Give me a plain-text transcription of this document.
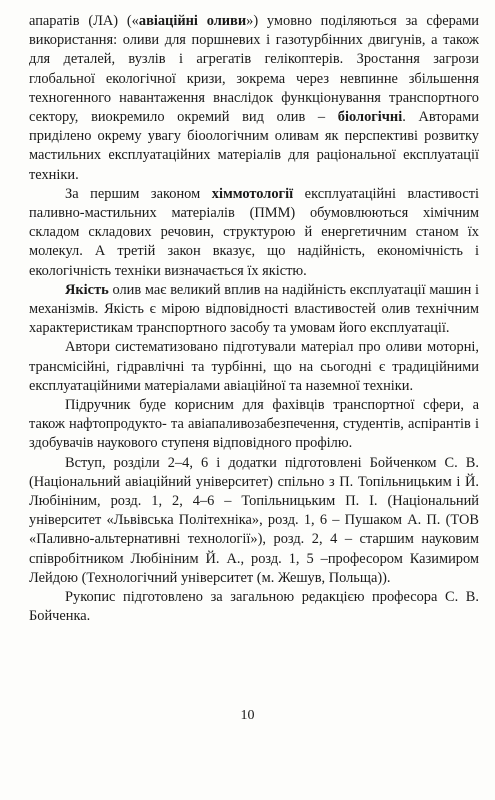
апаратів (ЛА) («авіаційні оливи») умовно поділяються за сферами використання: оливи для поршневих і газотурбінних двигунів, а також для деталей, вузлів і агрегатів гелікоптерів. Зростання загрози глобальної екологічної кризи, зокрема через невпинне збільшення техногенного навантаження внаслідок функціонування транспортного сектору, виокремило окремий вид олив – біологічні. Авторами приділено окрему увагу біоологічним оливам як перспективі розвитку мастильних експлуатаційних матеріалів для раціональної експлуатації техніки.

За першим законом хіммотології експлуатаційні властивості паливно-мастильних матеріалів (ПММ) обумовлюються хімічним складом складових речовин, структурою й енергетичним станом їх молекул. А третій закон вказує, що надійність, економічність і екологічність техніки визначається їх якістю.

Якість олив має великий вплив на надійність експлуатації машин і механізмів. Якість є мірою відповідності властивостей олив технічним характеристикам транспортного засобу та умовам його експлуатації.

Автори систематизовано підготували матеріал про оливи моторні, трансмісійні, гідравлічні та турбінні, що на сьогодні є традиційними експлуатаційними матеріалами авіаційної та наземної техніки.

Підручник буде корисним для фахівців транспортної сфери, а також нафтопродукто- та авіапаливозабезпечення, студентів, аспірантів і здобувачів наукового ступеня відповідного профілю.

Вступ, розділи 2–4, 6 і додатки підготовлені Бойченком С. В. (Національний авіаційний університет) спільно з П. Топільницьким і Й. Любініним, розд. 1, 2, 4–6 – Топільницьким П. І. (Національний університет «Львівська Політехніка», розд. 1, 6 – Пушаком А. П. (ТОВ «Паливно-альтернативні технології»), розд. 2, 4 – старшим науковим співробітником Любініним Й. А., розд. 1, 5 –професором Казимиром Лейдою (Технологічний університет (м. Жешув, Польща)).

Рукопис підготовлено за загальною редакцією професора С. В. Бойченка.

10
